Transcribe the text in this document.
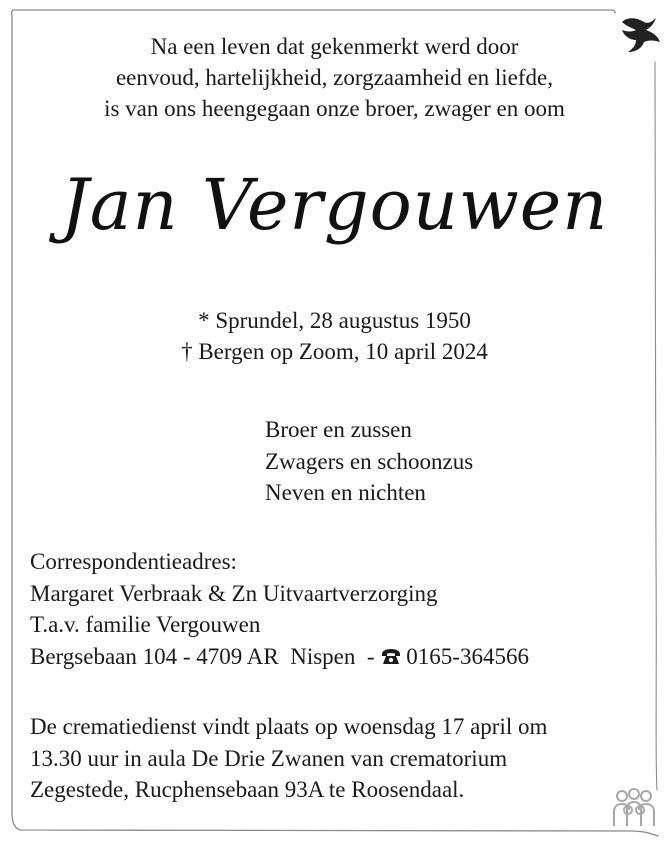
Na een leven dat gekenmerkt werd door
eenvoud, hartelijkheid, zorgzaamheid en liefde,
is van ons heengegaan onze broer, zwager en oom
Jan Vergouwen
* Sprundel, 28 augustus 1950
† Bergen op Zoom, 10 april 2024
Broer en zussen
Zwagers en schoonzus
Neven en nichten
Correspondentieadres:
Margaret Verbraak & Zn Uitvaartverzorging
T.a.v. familie Vergouwen
Bergsebaan 104 - 4709 AR  Nispen  - 0165-364566
De crematiedienst vindt plaats op woensdag 17 april om
13.30 uur in aula De Drie Zwanen van crematorium
Zegestede, Rucphensebaan 93A te Roosendaal.
